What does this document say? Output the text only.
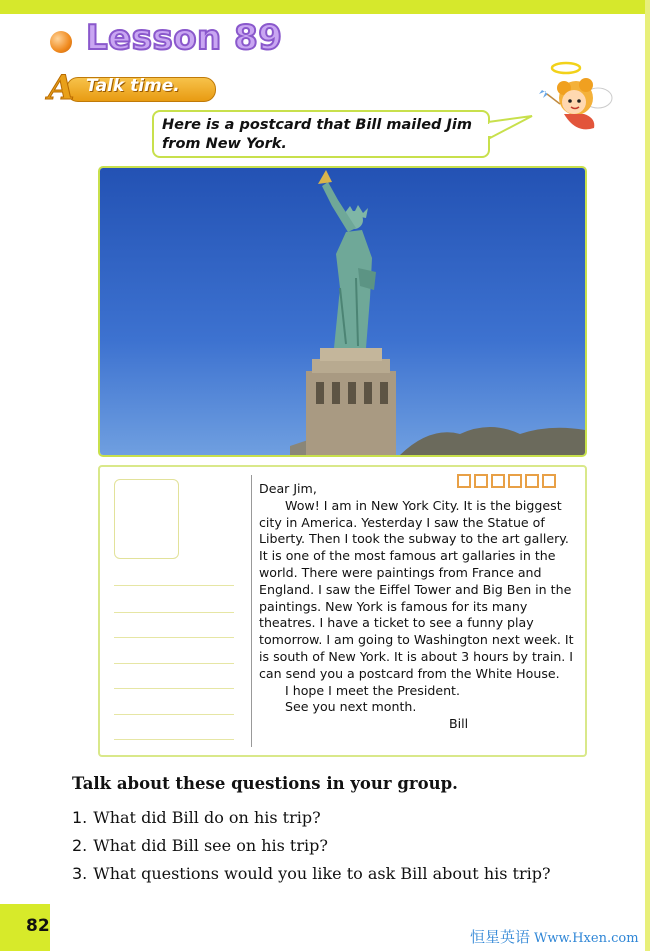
Lesson 89
A Talk time.
Here is a postcard that Bill mailed Jim
from New York.

Dear Jim,

Wow! I am in New York City. It is the biggest city in America. Yesterday I saw the Statue of Liberty. Then I took the subway to the art gallery. It is one of the most famous art gallaries in the world. There were paintings from France and England. I saw the Eiffel Tower and Big Ben in the paintings. New York is famous for its many theatres. I have a ticket to see a funny play tomorrow. I am going to Washington next week. It is south of New York. It is about 3 hours by train. I can send you a postcard from the White House.

I hope I meet the President.

See you next month.

Bill

Talk about these questions in your group.
1. What did Bill do on his trip?
2. What did Bill see on his trip?
3. What questions would you like to ask Bill about his trip?
82
恒星英语 Www.Hxen.com
